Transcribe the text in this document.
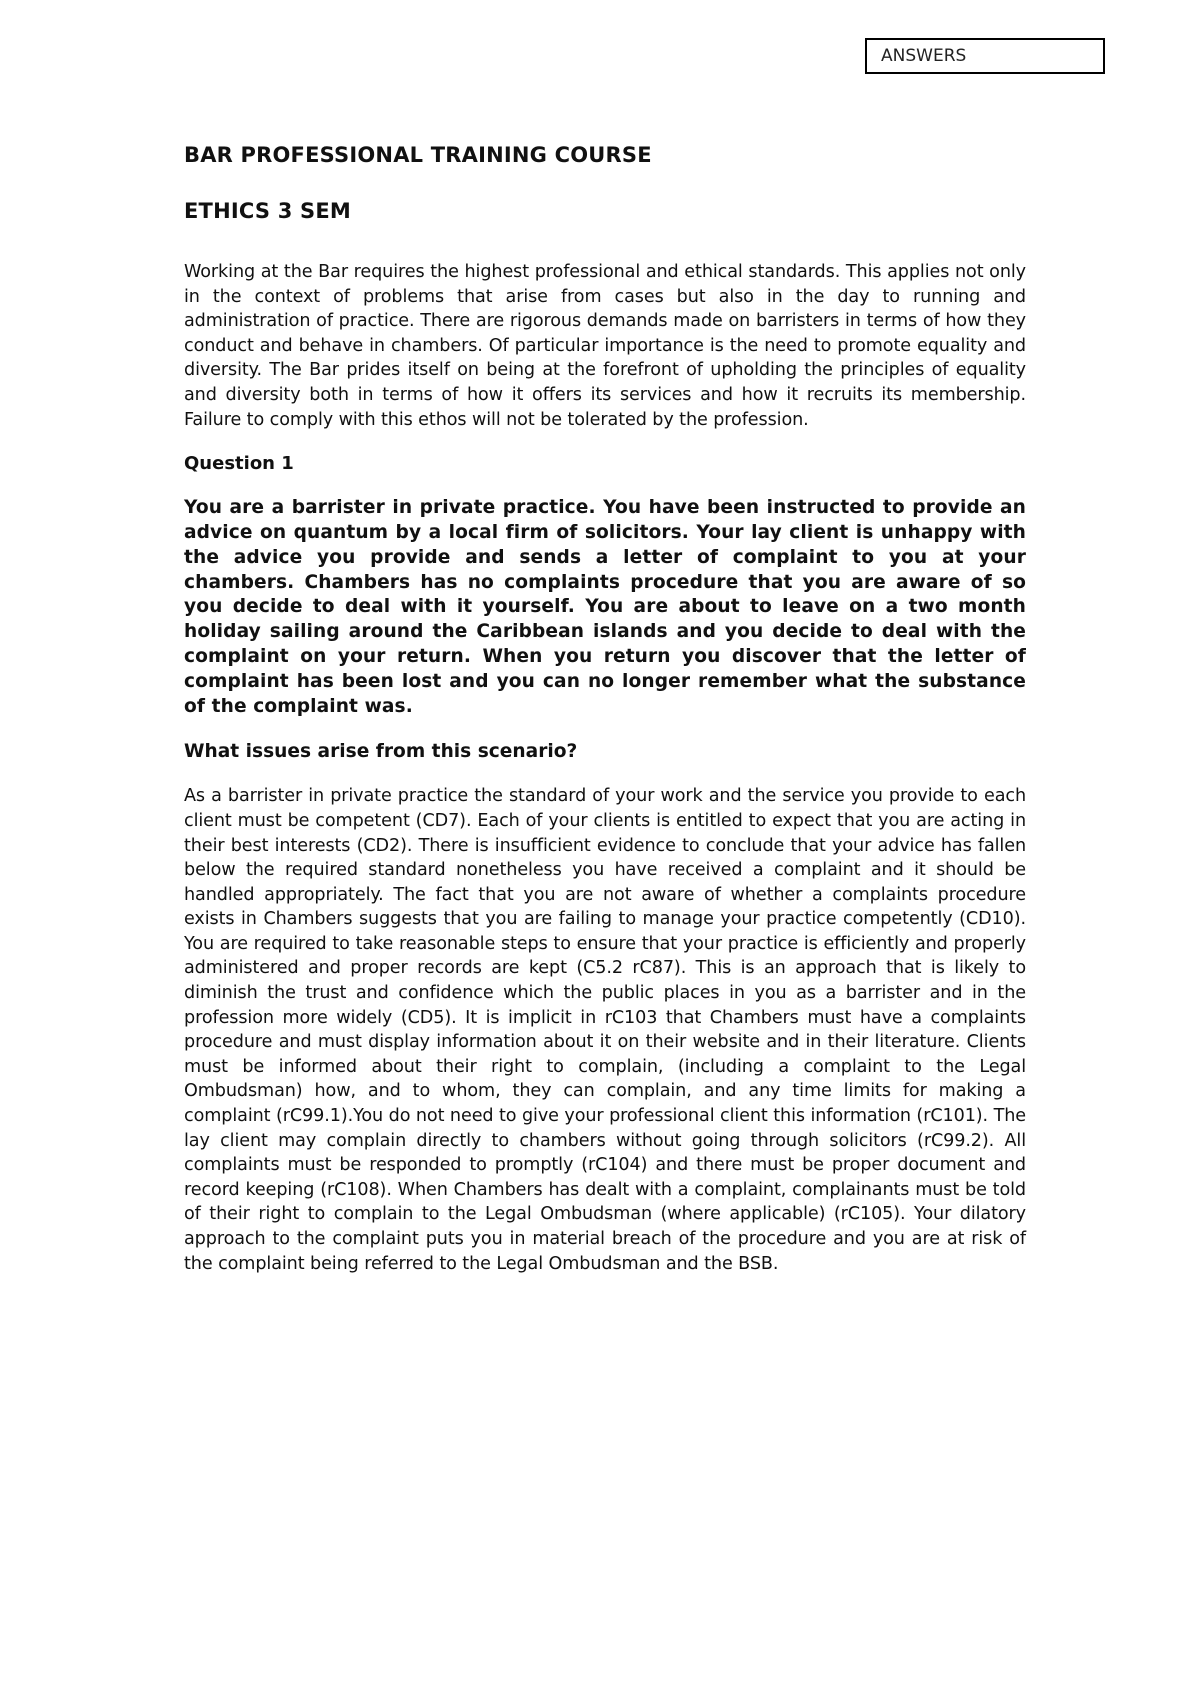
ANSWERS
BAR PROFESSIONAL TRAINING COURSE
ETHICS 3 SEM

Working at the Bar requires the highest professional and ethical standards. This applies not only in the context of problems that arise from cases but also in the day to running and administration of practice. There are rigorous demands made on barristers in terms of how they conduct and behave in chambers. Of particular importance is the need to promote equality and diversity. The Bar prides itself on being at the forefront of upholding the principles of equality and diversity both in terms of how it offers its services and how it recruits its membership. Failure to comply with this ethos will not be tolerated by the profession.

Question 1

You are a barrister in private practice. You have been instructed to provide an advice on quantum by a local firm of solicitors. Your lay client is unhappy with the advice you provide and sends a letter of complaint to you at your chambers. Chambers has no complaints procedure that you are aware of so you decide to deal with it yourself. You are about to leave on a two month holiday sailing around the Caribbean islands and you decide to deal with the complaint on your return. When you return you discover that the letter of complaint has been lost and you can no longer remember what the substance of the complaint was.

What issues arise from this scenario?

As a barrister in private practice the standard of your work and the service you provide to each client must be competent (CD7). Each of your clients is entitled to expect that you are acting in their best interests (CD2). There is insufficient evidence to conclude that your advice has fallen below the required standard nonetheless you have received a complaint and it should be handled appropriately. The fact that you are not aware of whether a complaints procedure exists in Chambers suggests that you are failing to manage your practice competently (CD10). You are required to take reasonable steps to ensure that your practice is efficiently and properly administered and proper records are kept (C5.2 rC87). This is an approach that is likely to diminish the trust and confidence which the public places in you as a barrister and in the profession more widely (CD5). It is implicit in rC103 that Chambers must have a complaints procedure and must display information about it on their website and in their literature. Clients must be informed about their right to complain, (including a complaint to the Legal Ombudsman) how, and to whom, they can complain, and any time limits for making a complaint (rC99.1).You do not need to give your professional client this information (rC101). The lay client may complain directly to chambers without going through solicitors (rC99.2). All complaints must be responded to promptly (rC104) and there must be proper document and record keeping (rC108). When Chambers has dealt with a complaint, complainants must be told of their right to complain to the Legal Ombudsman (where applicable) (rC105). Your dilatory approach to the complaint puts you in material breach of the procedure and you are at risk of the complaint being referred to the Legal Ombudsman and the BSB.
